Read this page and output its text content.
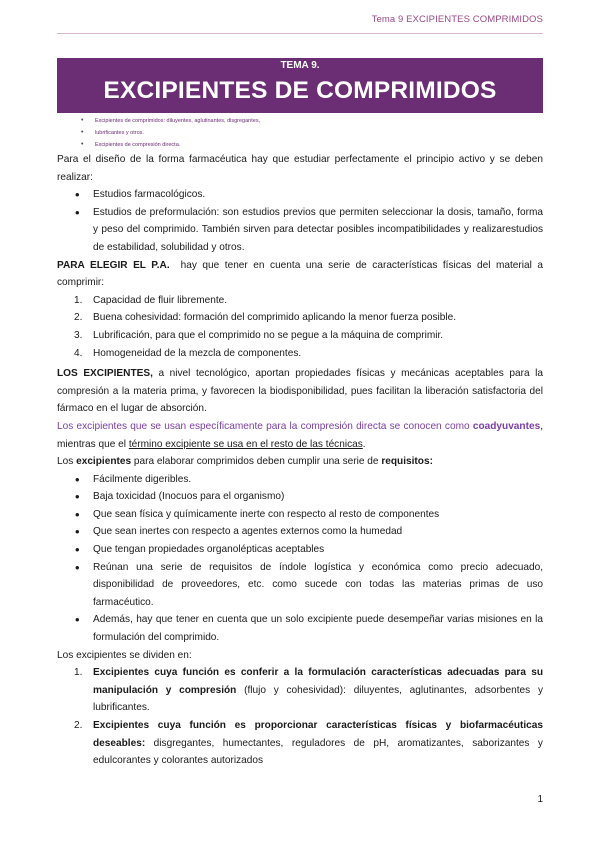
Tema 9 EXCIPIENTES COMPRIMIDOS
TEMA 9.
EXCIPIENTES DE COMPRIMIDOS
• Excipientes de comprimidos: diluyentes, aglutinantes, disgregantes,
• lubrificantes y otros.
• Excipientes de compresión directa.

Para el diseño de la forma farmacéutica hay que estudiar perfectamente el principio activo y se deben realizar:

• Estudios farmacológicos.
• Estudios de preformulación: son estudios previos que permiten seleccionar la dosis, tamaño, forma y peso del comprimido. También sirven para detectar posibles incompatibilidades y realizarestudios de estabilidad, solubilidad y otros.

PARA ELEGIR EL P.A. hay que tener en cuenta una serie de características físicas del material a comprimir:

1. Capacidad de fluir libremente.
2. Buena cohesividad: formación del comprimido aplicando la menor fuerza posible.
3. Lubrificación, para que el comprimido no se pegue a la máquina de comprimir.
4. Homogeneidad de la mezcla de componentes.

LOS EXCIPIENTES, a nivel tecnológico, aportan propiedades físicas y mecánicas aceptables para la compresión a la materia prima, y favorecen la biodisponibilidad, pues facilitan la liberación satisfactoria del fármaco en el lugar de absorción.

Los excipientes que se usan específicamente para la compresión directa se conocen como coadyuvantes, mientras que el término excipiente se usa en el resto de las técnicas.

Los excipientes para elaborar comprimidos deben cumplir una serie de requisitos:

• Fácilmente digeribles.
• Baja toxicidad (Inocuos para el organismo)
• Que sean física y químicamente inerte con respecto al resto de componentes
• Que sean inertes con respecto a agentes externos como la humedad
• Que tengan propiedades organolépticas aceptables
• Reúnan una serie de requisitos de índole logística y económica como precio adecuado, disponibilidad de proveedores, etc. como sucede con todas las materias primas de uso farmacéutico.
• Además, hay que tener en cuenta que un solo excipiente puede desempeñar varias misiones en la formulación del comprimido.

Los excipientes se dividen en:

1. Excipientes cuya función es conferir a la formulación características adecuadas para su manipulación y compresión (flujo y cohesividad): diluyentes, aglutinantes, adsorbentes y lubrificantes.
2. Excipientes cuya función es proporcionar características físicas y biofarmacéuticas deseables: disgregantes, humectantes, reguladores de pH, aromatizantes, saborizantes y edulcorantes y colorantes autorizados
1
